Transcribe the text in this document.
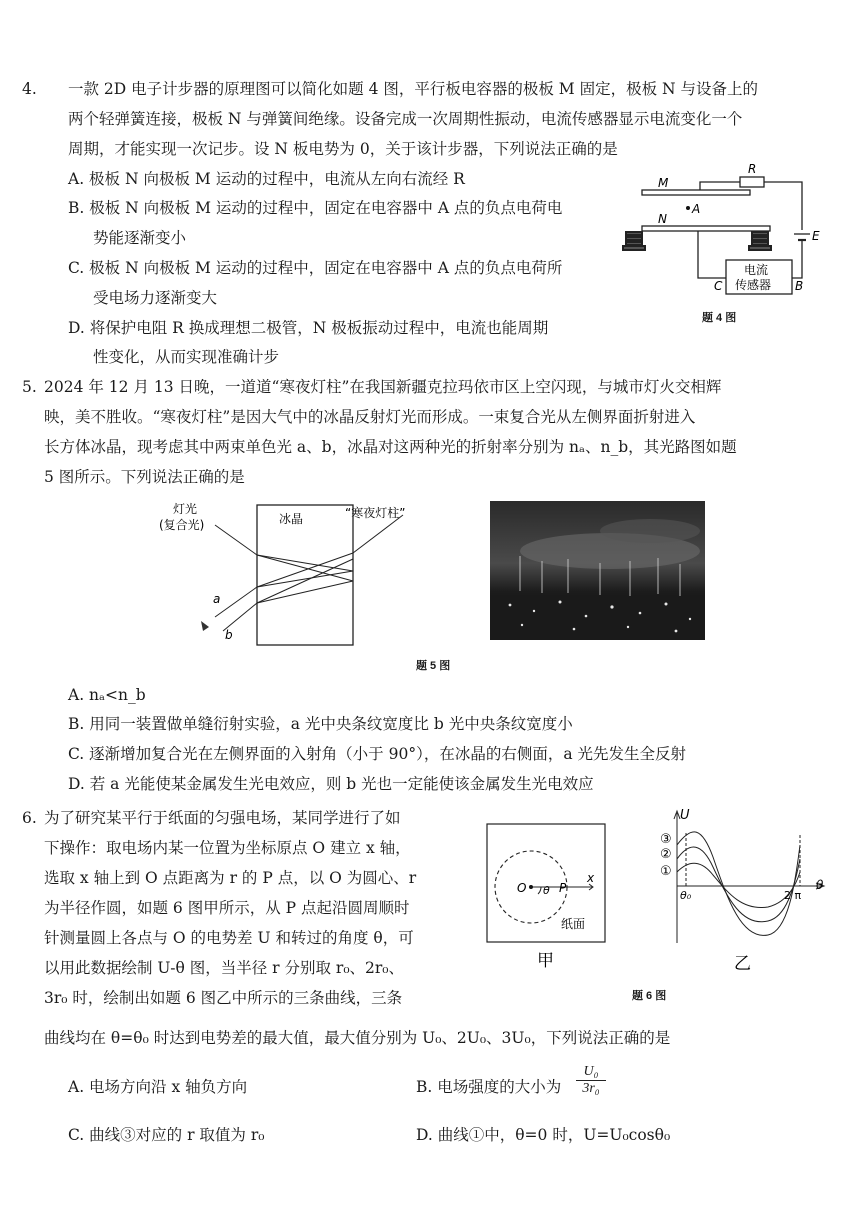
4. 一款 2D 电子计步器的原理图可以简化如题 4 图，平行板电容器的极板 M 固定，极板 N 与设备上的
两个轻弹簧连接，极板 N 与弹簧间绝缘。设备完成一次周期性振动，电流传感器显示电流变化一个
周期，才能实现一次记步。设 N 板电势为 0，关于该计步器，下列说法正确的是
A. 极板 N 向极板 M 运动的过程中，电流从左向右流经 R
B. 极板 N 向极板 M 运动的过程中，固定在电容器中 A 点的负点电荷电
势能逐渐变小
C. 极板 N 向极板 M 运动的过程中，固定在电容器中 A 点的负点电荷所
受电场力逐渐变大
D. 将保护电阻 R 换成理想二极管，N 极板振动过程中，电流也能周期
性变化，从而实现准确计步
M
A
N
R
E
C	B
电流
传感器
题 4 图
5. 2024 年 12 月 13 日晚，一道道“寒夜灯柱”在我国新疆克拉玛依市区上空闪现，与城市灯火交相辉
映，美不胜收。“寒夜灯柱”是因大气中的冰晶反射灯光而形成。一束复合光从左侧界面折射进入
长方体冰晶，现考虑其中两束单色光 a、b，冰晶对这两种光的折射率分别为 nₐ、n_b，其光路图如题
5 图所示。下列说法正确的是
灯光
(复合光)	冰晶	“寒夜灯柱”
a
b
题 5 图
A. nₐ<n_b
B. 用同一装置做单缝衍射实验，a 光中央条纹宽度比 b 光中央条纹宽度小
C. 逐渐增加复合光在左侧界面的入射角（小于 90°），在冰晶的右侧面，a 光先发生全反射
D. 若 a 光能使某金属发生光电效应，则 b 光也一定能使该金属发生光电效应
6. 为了研究某平行于纸面的匀强电场，某同学进行了如
下操作：取电场内某一位置为坐标原点 O 建立 x 轴，
选取 x 轴上到 O 点距离为 r 的 P 点，以 O 为圆心、r
为半径作圆，如题 6 图甲所示，从 P 点起沿圆周顺时
针测量圆上各点与 O 的电势差 U 和转过的角度 θ，可
以用此数据绘制 U-θ 图，当半径 r 分别取 r₀、2r₀、
3r₀ 时，绘制出如题 6 图乙中所示的三条曲线，三条
曲线均在 θ=θ₀ 时达到电势差的最大值，最大值分别为 U₀、2U₀、3U₀，下列说法正确的是
O θ P
x
纸面
甲
U
θ
θ₀	2 π
③
②
①
乙
题 6 图
A. 电场方向沿 x 轴负方向	B. 电场强度的大小为 $\frac{\text{U₀}}{\text{3r₀}}$
C. 曲线③对应的 r 取值为 r₀	D. 曲线①中，θ=0 时，U=U₀cosθ₀
